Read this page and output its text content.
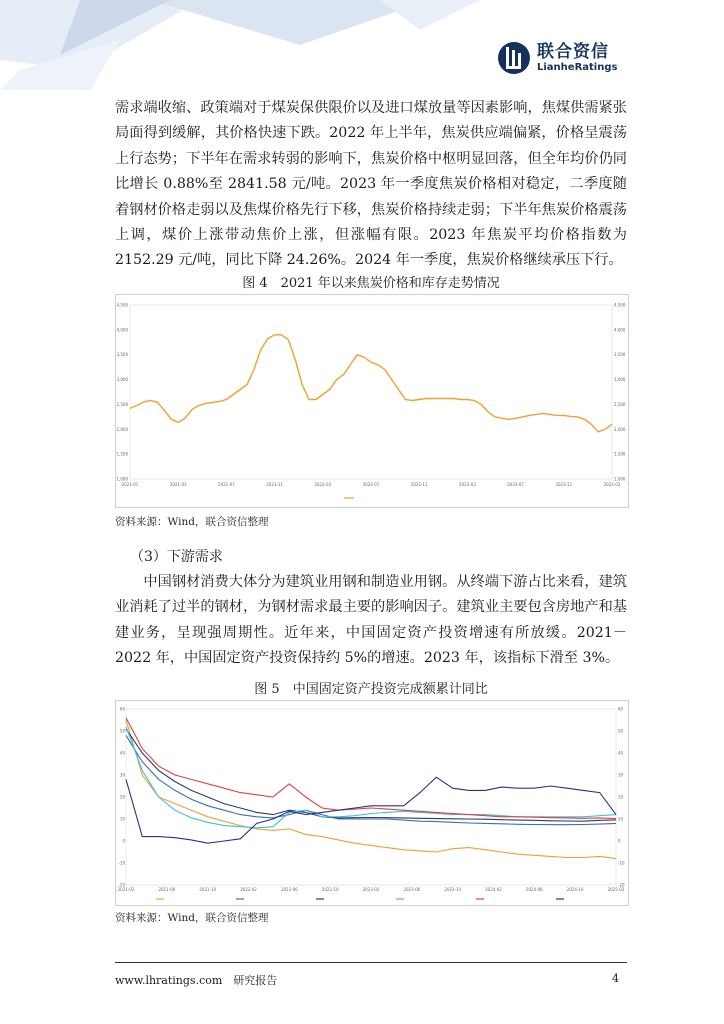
联合资信
LianheRatings

需求端收缩、政策端对于煤炭保供限价以及进口煤放量等因素影响，焦煤供需紧张局面得到缓解，其价格快速下跌。2022 年上半年，焦炭供应端偏紧，价格呈震荡上行态势；下半年在需求转弱的影响下，焦炭价格中枢明显回落，但全年均价仍同比增长 0.88%至 2841.58 元/吨。2023 年一季度焦炭价格相对稳定，二季度随着钢材价格走弱以及焦煤价格先行下移，焦炭价格持续走弱；下半年焦炭价格震荡上调，煤价上涨带动焦价上涨，但涨幅有限。2023 年焦炭平均价格指数为 2152.29 元/吨，同比下降 24.26%。2024 年一季度，焦炭价格继续承压下行。

图 4　2021 年以来焦炭价格和库存走势情况

1,000	1,000
1,500	1,500
2,000	2,000
2,500	2,500
3,000	3,000
3,500	3,500
4,000	4,000
4,500	4,500
2021-01	2021-03	2021-07	2021-11	2022-03	2022-07	2022-11	2023-03	2023-07	2023-11	2024-03

资料来源：Wind，联合资信整理

（3）下游需求

中国钢材消费大体分为建筑业用钢和制造业用钢。从终端下游占比来看，建筑业消耗了过半的钢材，为钢材需求最主要的影响因子。建筑业主要包含房地产和基建业务，呈现强周期性。近年来，中国固定资产投资增速有所放缓。2021－2022 年，中国固定资产投资保持约 5%的增速。2023 年，该指标下滑至 3%。

图 5　中国固定资产投资完成额累计同比

-20	-20
-10	-10
0	0
10	10
20	20
30	30
40	40
50	50
60	60
2021-02	2021-06	2021-10	2022-02	2022-06	2022-10	2023-02	2023-06	2023-10	2024-02	2024-06	2024-10	2025-02

资料来源：Wind，联合资信整理

www.lhratings.com　研究报告	4
